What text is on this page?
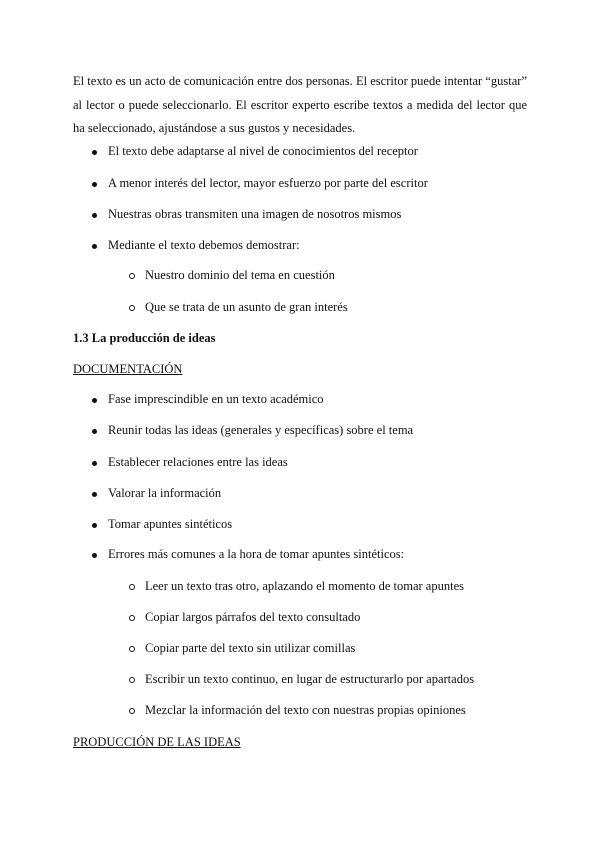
El texto es un acto de comunicación entre dos personas. El escritor puede intentar “gustar” al lector o puede seleccionarlo. El escritor experto escribe textos a medida del lector que ha seleccionado, ajustándose a sus gustos y necesidades.

El texto debe adaptarse al nivel de conocimientos del receptor
A menor interés del lector, mayor esfuerzo por parte del escritor
Nuestras obras transmiten una imagen de nosotros mismos
Mediante el texto debemos demostrar:
Nuestro dominio del tema en cuestión
Que se trata de un asunto de gran interés
1.3 La producción de ideas
DOCUMENTACIÓN
Fase imprescindible en un texto académico
Reunir todas las ideas (generales y específicas) sobre el tema
Establecer relaciones entre las ideas
Valorar la información
Tomar apuntes sintéticos
Errores más comunes a la hora de tomar apuntes sintéticos:
Leer un texto tras otro, aplazando el momento de tomar apuntes
Copiar largos párrafos del texto consultado
Copiar parte del texto sin utilizar comillas
Escribir un texto continuo, en lugar de estructurarlo por apartados
Mezclar la información del texto con nuestras propias opiniones
PRODUCCIÓN DE LAS IDEAS
